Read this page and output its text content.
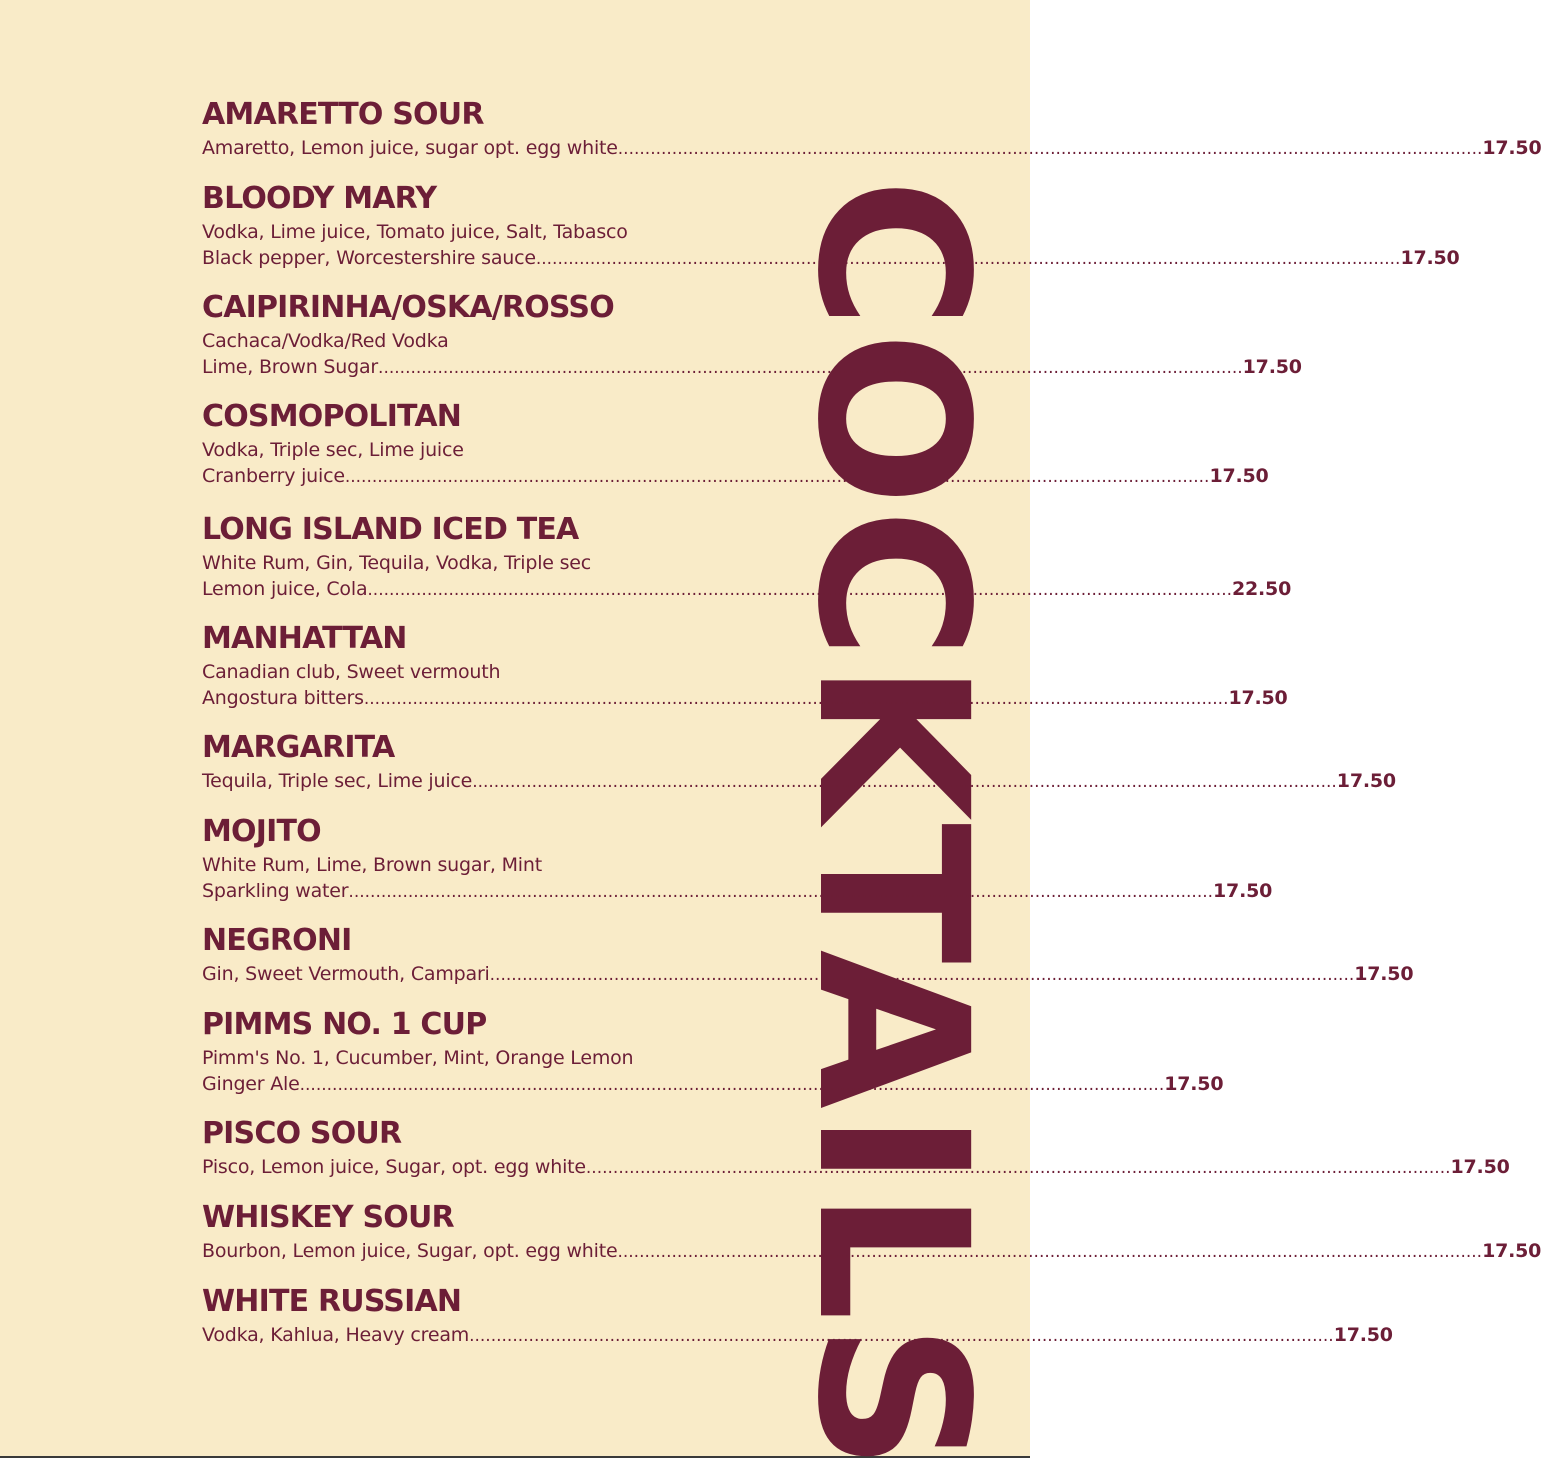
COCKTAILS
AMARETTO SOUR
Amaretto, Lemon juice, sugar opt. egg white ................................................................................................................................................................ 17.50
BLOODY MARY
Vodka, Lime juice, Tomato juice, Salt, Tabasco
Black pepper, Worcestershire sauce ................................................................................................................................................................ 17.50
CAIPIRINHA/OSKA/ROSSO
Cachaca/Vodka/Red Vodka
Lime, Brown Sugar ................................................................................................................................................................ 17.50
COSMOPOLITAN
Vodka, Triple sec, Lime juice
Cranberry juice ................................................................................................................................................................ 17.50
LONG ISLAND ICED TEA
White Rum, Gin, Tequila, Vodka, Triple sec
Lemon juice, Cola ................................................................................................................................................................ 22.50
MANHATTAN
Canadian club, Sweet vermouth
Angostura bitters ................................................................................................................................................................ 17.50
MARGARITA
Tequila, Triple sec, Lime juice ................................................................................................................................................................ 17.50
MOJITO
White Rum, Lime, Brown sugar, Mint
Sparkling water ................................................................................................................................................................ 17.50
NEGRONI
Gin, Sweet Vermouth, Campari ................................................................................................................................................................ 17.50
PIMMS NO. 1 CUP
Pimm's No. 1, Cucumber, Mint, Orange Lemon
Ginger Ale ................................................................................................................................................................ 17.50
PISCO SOUR
Pisco, Lemon juice, Sugar, opt. egg white ................................................................................................................................................................ 17.50
WHISKEY SOUR
Bourbon, Lemon juice, Sugar, opt. egg white ................................................................................................................................................................ 17.50
WHITE RUSSIAN
Vodka, Kahlua, Heavy cream ................................................................................................................................................................ 17.50
